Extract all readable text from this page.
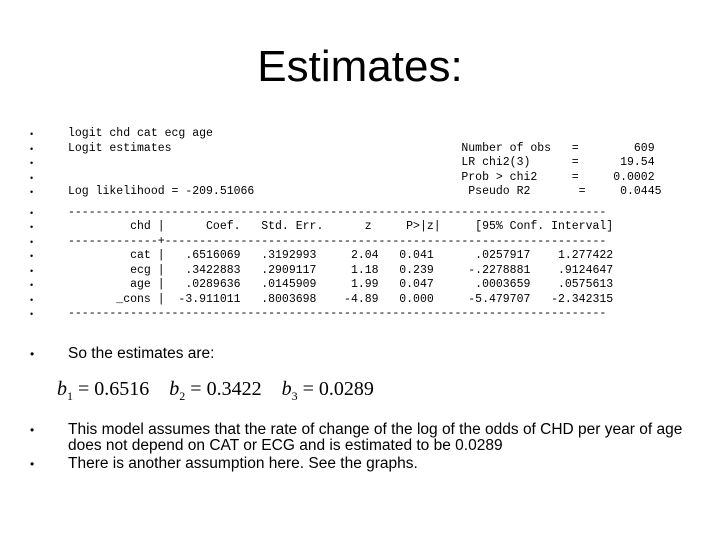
Estimates:
•	logit chd cat ecg age
•	Logit estimates                                          Number of obs   =        609
•	LR chi2(3)      =      19.54
•	Prob > chi2     =     0.0002
•	Log likelihood = -209.51066                               Pseudo R2       =     0.0445
•	------------------------------------------------------------------------------
•	chd |      Coef.   Std. Err.      z     P>|z|     [95% Conf. Interval]
•	-------------+----------------------------------------------------------------
•	cat |   .6516069   .3192993     2.04   0.041      .0257917    1.277422
•	ecg |   .3422883   .2909117     1.18   0.239     -.2278881    .9124647
•	age |   .0289636   .0145909     1.99   0.047      .0003659    .0575613
•	_cons |  -3.911011   .8003698    -4.89   0.000     -5.479707   -2.342315
•	------------------------------------------------------------------------------
•	So the estimates are:
$b_1 = 0.6516$ $b_2 = 0.3422$ $b_3 = 0.0289$
•	This model assumes that the rate of change of the log of the odds of CHD per year of age does not depend on CAT or ECG and is estimated to be 0.0289
•	There is another assumption here. See the graphs.
